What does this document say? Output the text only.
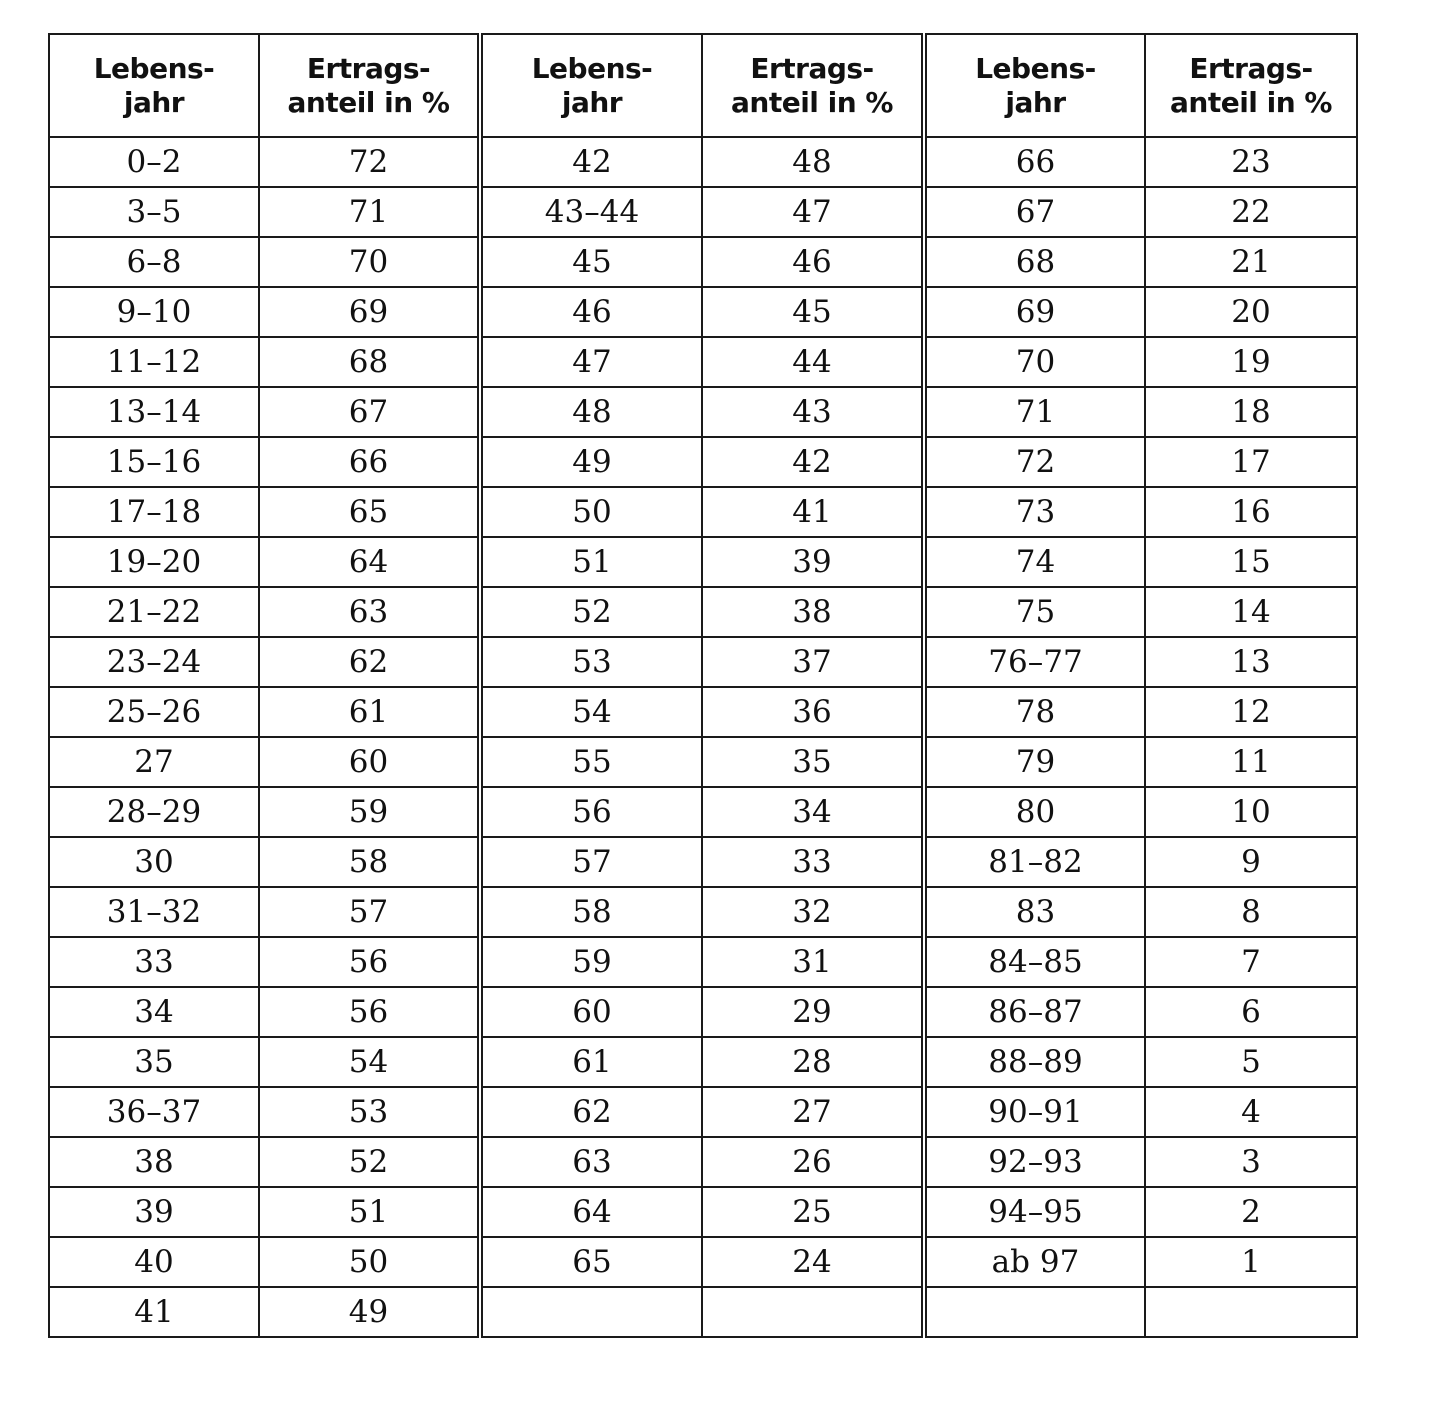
Lebens-
jahr	Ertrags-
anteil in %	Lebens-
jahr	Ertrags-
anteil in %	Lebens-
jahr	Ertrags-
anteil in %

0–2	72	42	48	66	23
3–5	71	43–44	47	67	22
6–8	70	45	46	68	21
9–10	69	46	45	69	20
11–12	68	47	44	70	19
13–14	67	48	43	71	18
15–16	66	49	42	72	17
17–18	65	50	41	73	16
19–20	64	51	39	74	15
21–22	63	52	38	75	14
23–24	62	53	37	76–77	13
25–26	61	54	36	78	12
27	60	55	35	79	11
28–29	59	56	34	80	10
30	58	57	33	81–82	9
31–32	57	58	32	83	8
33	56	59	31	84–85	7
34	56	60	29	86–87	6
35	54	61	28	88–89	5
36–37	53	62	27	90–91	4
38	52	63	26	92–93	3
39	51	64	25	94–95	2
40	50	65	24	ab 97	1
41	49				
